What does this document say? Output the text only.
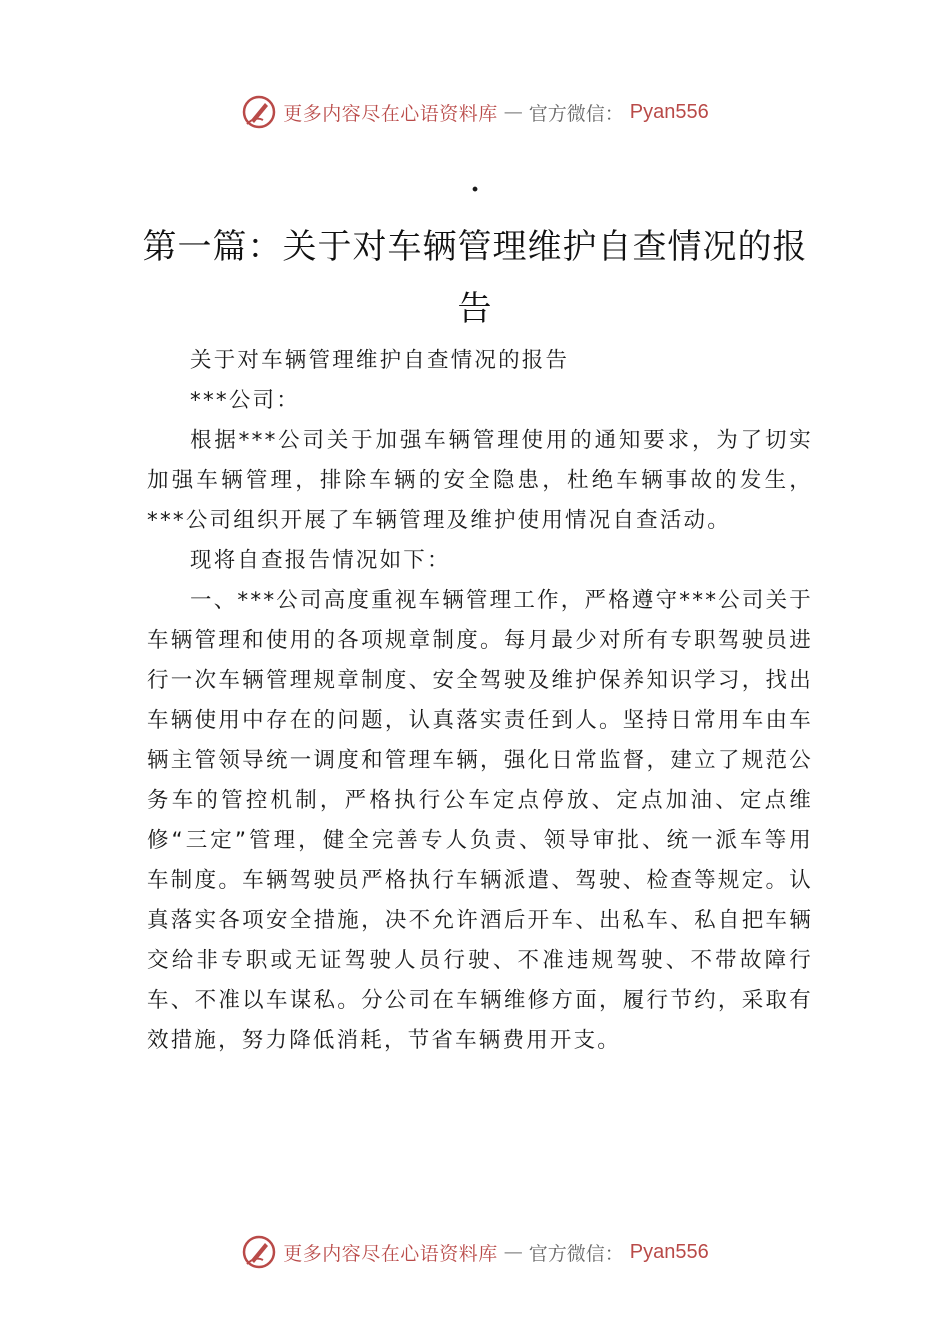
更多内容尽在心语资料库 — 官方微信： Pyan556
.
第一篇：关于对车辆管理维护自查情况的报告

关于对车辆管理维护自查情况的报告

***公司：

根据***公司关于加强车辆管理使用的通知要求，为了切实加强车辆管理，排除车辆的安全隐患，杜绝车辆事故的发生，***公司组织开展了车辆管理及维护使用情况自查活动。

现将自查报告情况如下：

一、***公司高度重视车辆管理工作，严格遵守***公司关于车辆管理和使用的各项规章制度。每月最少对所有专职驾驶员进行一次车辆管理规章制度、安全驾驶及维护保养知识学习，找出车辆使用中存在的问题，认真落实责任到人。坚持日常用车由车辆主管领导统一调度和管理车辆，强化日常监督，建立了规范公务车的管控机制，严格执行公车定点停放、定点加油、定点维修“三定”管理，健全完善专人负责、领导审批、统一派车等用车制度。车辆驾驶员严格执行车辆派遣、驾驶、检查等规定。认真落实各项安全措施，决不允许酒后开车、出私车、私自把车辆交给非专职或无证驾驶人员行驶、不准违规驾驶、不带故障行车、不准以车谋私。分公司在车辆维修方面，履行节约，采取有效措施，努力降低消耗，节省车辆费用开支。

更多内容尽在心语资料库 — 官方微信： Pyan556
